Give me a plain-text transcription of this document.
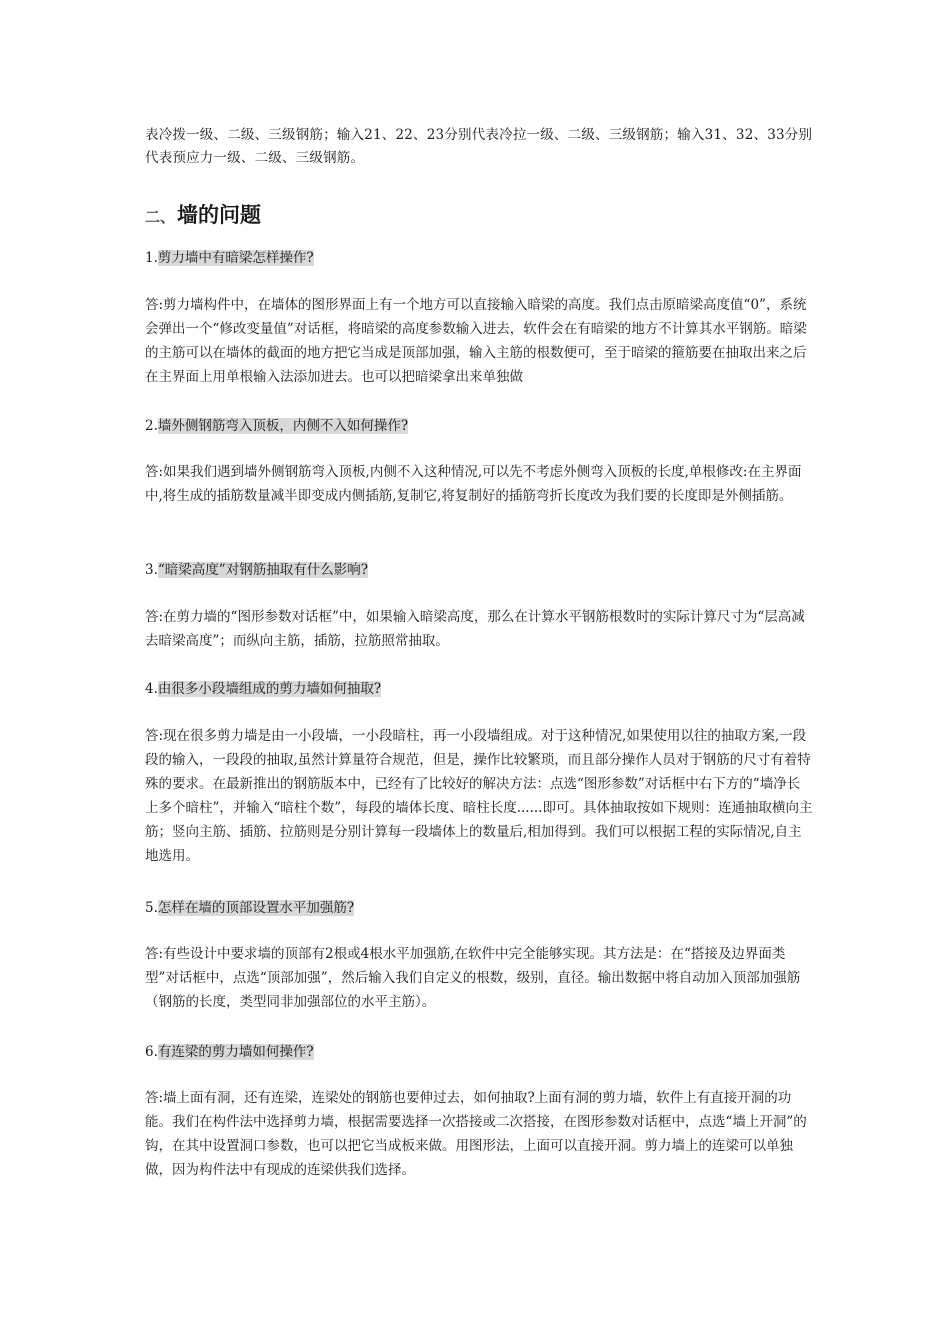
表冷拨一级、二级、三级钢筋；输入21、22、23分别代表冷拉一级、二级、三级钢筋；输入31、32、33分别代表预应力一级、二级、三级钢筋。

二、墙的问题

1.剪力墙中有暗梁怎样操作?

答:剪力墙构件中，在墙体的图形界面上有一个地方可以直接输入暗梁的高度。我们点击原暗梁高度值“0”，系统会弹出一个“修改变量值”对话框，将暗梁的高度参数输入进去，软件会在有暗梁的地方不计算其水平钢筋。暗梁的主筋可以在墙体的截面的地方把它当成是顶部加强，输入主筋的根数便可，至于暗梁的箍筋要在抽取出来之后在主界面上用单根输入法添加进去。也可以把暗梁拿出来单独做

2.墙外侧钢筋弯入顶板，内侧不入如何操作?

答:如果我们遇到墙外侧钢筋弯入顶板,内侧不入这种情况,可以先不考虑外侧弯入顶板的长度,单根修改:在主界面中,将生成的插筋数量减半即变成内侧插筋,复制它,将复制好的插筋弯折长度改为我们要的长度即是外侧插筋。

3.“暗梁高度”对钢筋抽取有什么影响?

答:在剪力墙的“图形参数对话框”中，如果输入暗梁高度，那么在计算水平钢筋根数时的实际计算尺寸为“层高减去暗梁高度”；而纵向主筋，插筋，拉筋照常抽取。

4.由很多小段墙组成的剪力墙如何抽取?

答:现在很多剪力墙是由一小段墙，一小段暗柱，再一小段墙组成。对于这种情况,如果使用以往的抽取方案,一段段的输入，一段段的抽取,虽然计算量符合规范，但是，操作比较繁琐，而且部分操作人员对于钢筋的尺寸有着特殊的要求。在最新推出的钢筋版本中，已经有了比较好的解决方法：点选“图形参数”对话框中右下方的“墙净长上多个暗柱”，并输入“暗柱个数”，每段的墙体长度、暗柱长度......即可。具体抽取按如下规则：连通抽取横向主筋；竖向主筋、插筋、拉筋则是分别计算每一段墙体上的数量后,相加得到。我们可以根据工程的实际情况,自主地选用。

5.怎样在墙的顶部设置水平加强筋?

答:有些设计中要求墙的顶部有2根或4根水平加强筋,在软件中完全能够实现。其方法是：在“搭接及边界面类型”对话框中，点选“顶部加强”，然后输入我们自定义的根数，级别，直径。输出数据中将自动加入顶部加强筋（钢筋的长度，类型同非加强部位的水平主筋）。

6.有连梁的剪力墙如何操作?

答:墙上面有洞，还有连梁，连梁处的钢筋也要伸过去，如何抽取?上面有洞的剪力墙，软件上有直接开洞的功能。我们在构件法中选择剪力墙，根据需要选择一次搭接或二次搭接，在图形参数对话框中，点选“墙上开洞”的钩，在其中设置洞口参数，也可以把它当成板来做。用图形法，上面可以直接开洞。剪力墙上的连梁可以单独做，因为构件法中有现成的连梁供我们选择。
